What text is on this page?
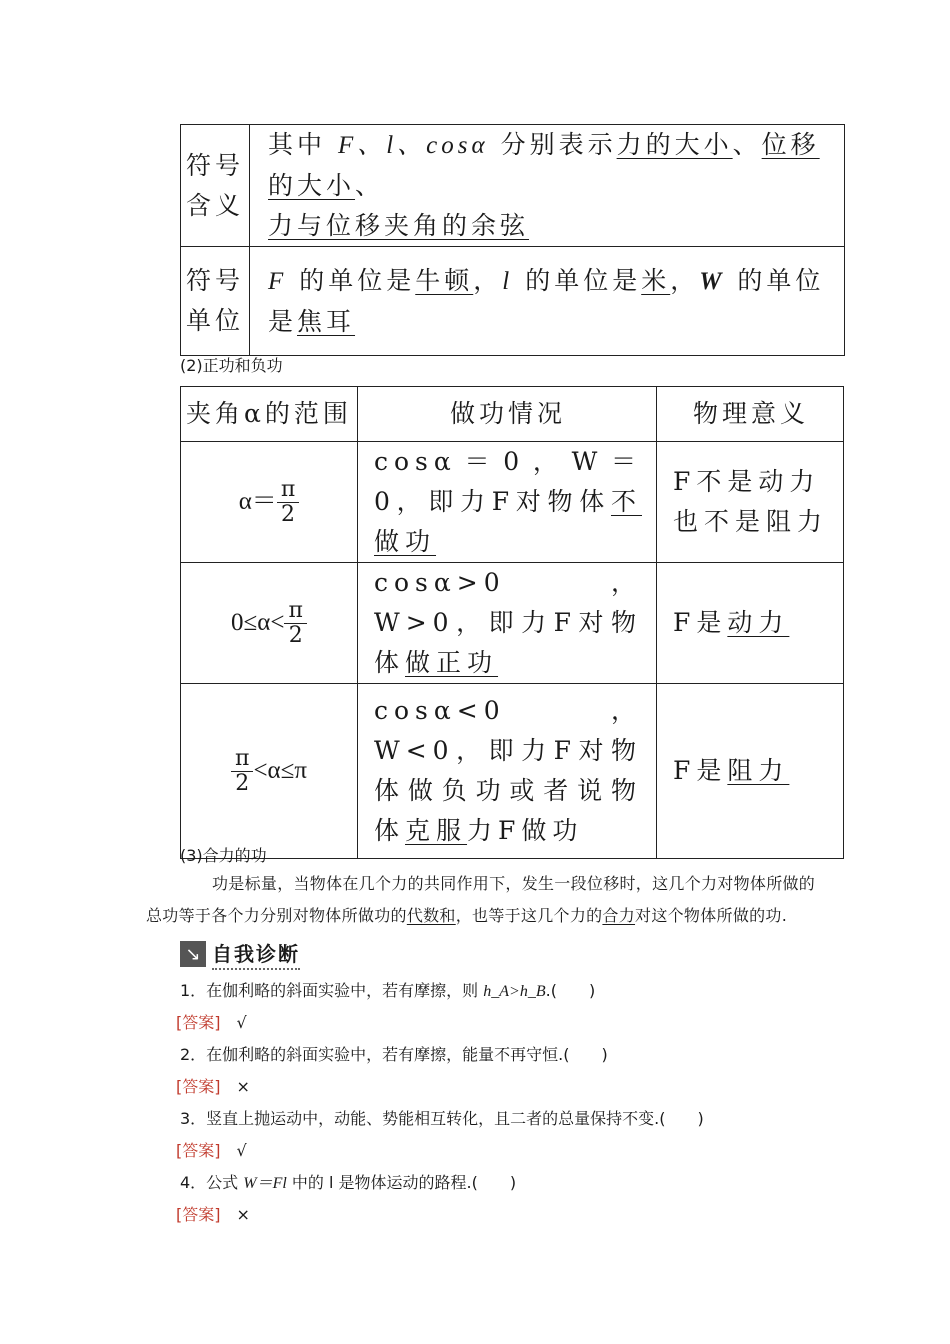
符号
含义	其中 F、l、cosα 分别表示力的大小、位移的大小、
力与位移夹角的余弦
符号
单位	F 的单位是牛顿，l 的单位是米，W 的单位是焦耳
(2)正功和负功
夹角α的范围	做功情况	物理意义
$\alpha= \frac{\pi}{2}$	cosα＝0，W＝0，即力F对物体不做功	F不是动力也不是阻力
$0\le\alpha< \frac{\pi}{2}$	cosα>0，W>0，即力F对物体做正功	F是动力

$\frac{\pi}{2} <\alpha\le\pi$	cosα<0，W<0，即力F对物体做负功或者说物体克服力F做功	F是阻力
(3)合力的功
功是标量，当物体在几个力的共同作用下，发生一段位移时，这几个力对物体所做的
总功等于各个力分别对物体所做功的代数和，也等于这几个力的合力对这个物体所做的功.
↘ 自我诊断
1．在伽利略的斜面实验中，若有摩擦，则 h_A>h_B.(　　)
[答案]　 √
2．在伽利略的斜面实验中，若有摩擦，能量不再守恒.(　　)
[答案]　 ×
3．竖直上抛运动中，动能、势能相互转化，且二者的总量保持不变.(　　)
[答案]　 √
4．公式 W＝Fl 中的 l 是物体运动的路程.(　　)
[答案]　 ×
